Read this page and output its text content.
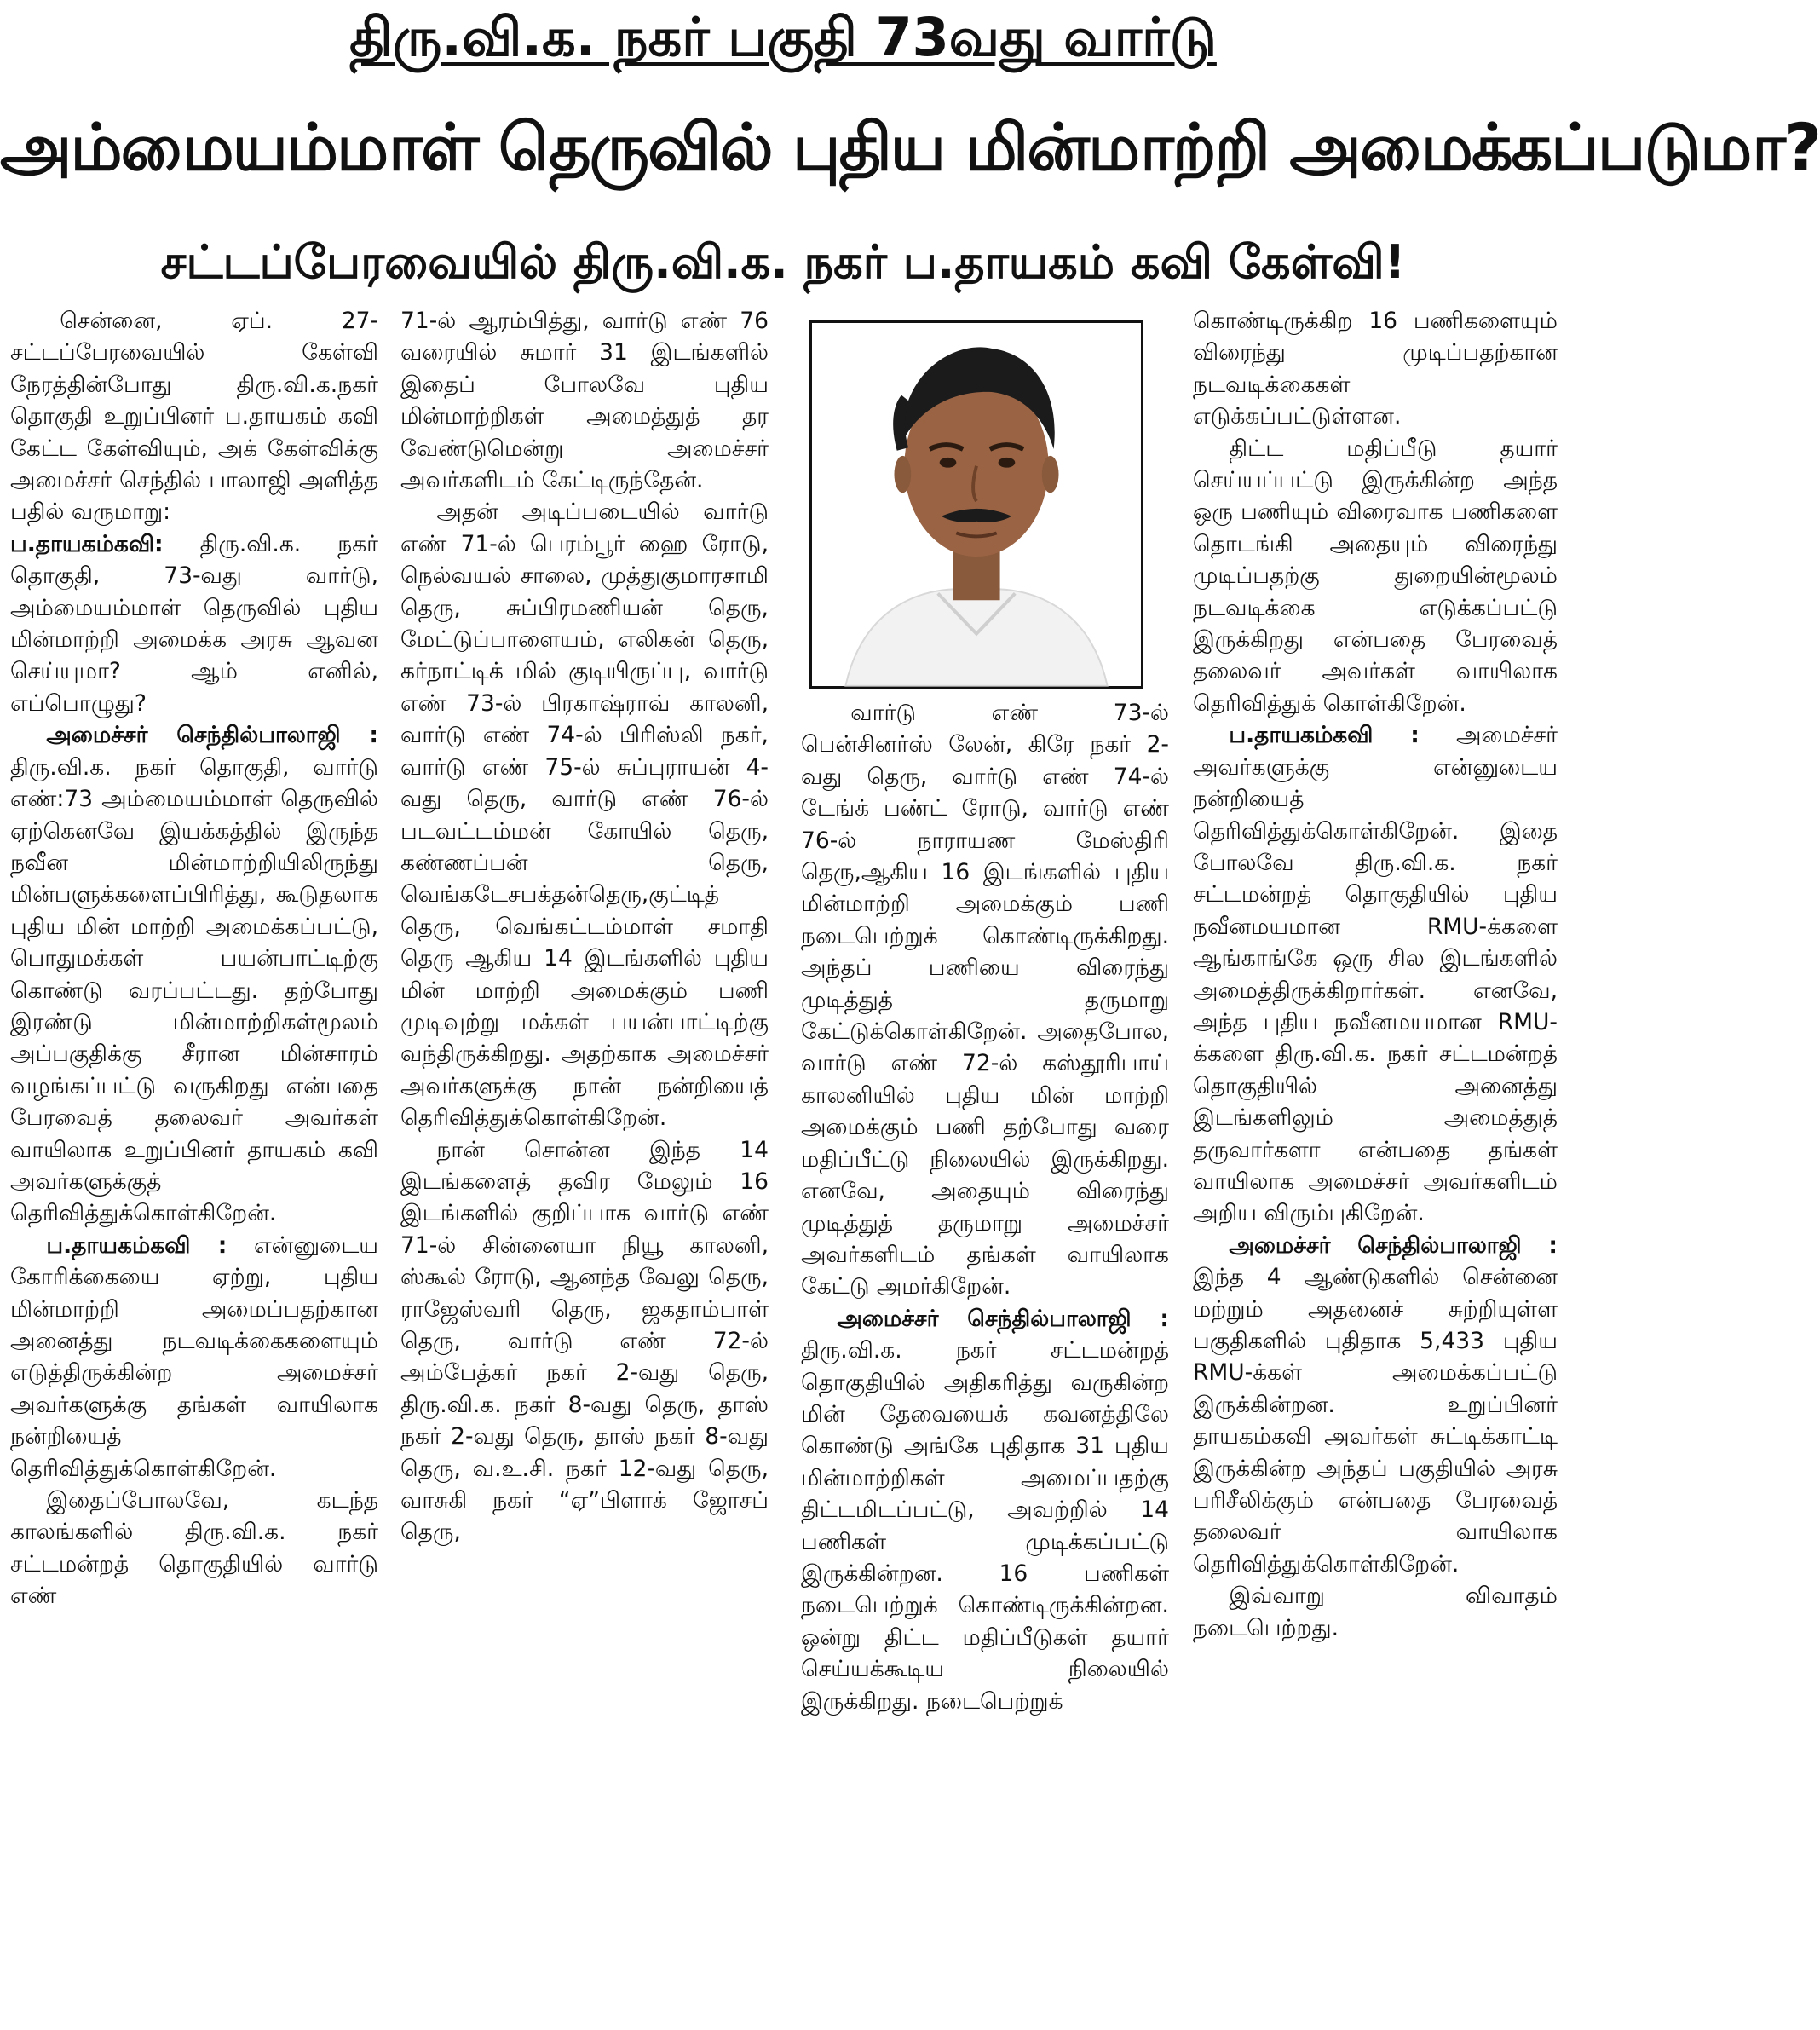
திரு.வி.க. நகர் பகுதி 73வது வார்டு
அம்மையம்மாள் தெருவில் புதிய மின்மாற்றி அமைக்கப்படுமா?
சட்டப்பேரவையில் திரு.வி.க. நகர் ப.தாயகம் கவி கேள்வி!

சென்னை, ஏப். 27- சட்டப்பேரவையில் கேள்வி நேரத்தின்போது திரு.வி.க.நகர் தொகுதி உறுப்பினர் ப.தாயகம் கவி கேட்ட கேள்வியும், அக் கேள்விக்கு அமைச்சர் செந்தில் பாலாஜி அளித்த பதில் வருமாறு:

ப.தாயகம்கவி: திரு.வி.க. நகர் தொகுதி, 73-வது வார்டு, அம்மையம்மாள் தெருவில் புதிய மின்மாற்றி அமைக்க அரசு ஆவன செய்யுமா? ஆம் எனில், எப்பொழுது?

அமைச்சர் செந்தில்பாலாஜி : திரு.வி.க. நகர் தொகுதி, வார்டு எண்:73 அம்மையம்மாள் தெருவில் ஏற்கெனவே இயக்கத்தில் இருந்த நவீன மின்மாற்றியிலிருந்து மின்பளுக்களைப்பிரித்து, கூடுதலாக புதிய மின் மாற்றி அமைக்கப்பட்டு, பொதுமக்கள் பயன்பாட்டிற்கு கொண்டு வரப்பட்டது. தற்போது இரண்டு மின்மாற்றிகள்மூலம் அப்பகுதிக்கு சீரான மின்சாரம் வழங்கப்பட்டு வருகிறது என்பதை பேரவைத் தலைவர் அவர்கள் வாயிலாக உறுப்பினர் தாயகம் கவி அவர்களுக்குத் தெரிவித்துக்கொள்கிறேன்.

ப.தாயகம்கவி : என்னுடைய கோரிக்கையை ஏற்று, புதிய மின்மாற்றி அமைப்பதற்கான அனைத்து நடவடிக்கைகளையும் எடுத்திருக்கின்ற அமைச்சர் அவர்களுக்கு தங்கள் வாயிலாக நன்றியைத் தெரிவித்துக்கொள்கிறேன்.

இதைப்போலவே, கடந்த காலங்களில் திரு.வி.க. நகர் சட்டமன்றத் தொகுதியில் வார்டு எண்

71-ல் ஆரம்பித்து, வார்டு எண் 76 வரையில் சுமார் 31 இடங்களில் இதைப் போலவே புதிய மின்மாற்றிகள் அமைத்துத் தர வேண்டுமென்று அமைச்சர் அவர்களிடம் கேட்டிருந்தேன்.

அதன் அடிப்படையில் வார்டு எண் 71-ல் பெரம்பூர் ஹை ரோடு, நெல்வயல் சாலை, முத்துகுமாரசாமி தெரு, சுப்பிரமணியன் தெரு, மேட்டுப்பாளையம், எலிகன் தெரு, கர்நாட்டிக் மில் குடியிருப்பு, வார்டு எண் 73-ல் பிரகாஷ்ராவ் காலனி, வார்டு எண் 74-ல் பிரிஸ்லி நகர், வார்டு எண் 75-ல் சுப்புராயன் 4-வது தெரு, வார்டு எண் 76-ல் படவட்டம்மன் கோயில் தெரு, கண்ணப்பன் தெரு, வெங்கடேசபக்தன்தெரு,குட்டித் தெரு, வெங்கட்டம்மாள் சமாதி தெரு ஆகிய 14 இடங்களில் புதிய மின் மாற்றி அமைக்கும் பணி முடிவுற்று மக்கள் பயன்பாட்டிற்கு வந்திருக்கிறது. அதற்காக அமைச்சர் அவர்களுக்கு நான் நன்றியைத் தெரிவித்துக்கொள்கிறேன்.

நான் சொன்ன இந்த 14 இடங்களைத் தவிர மேலும் 16 இடங்களில் குறிப்பாக வார்டு எண் 71-ல் சின்னையா நியூ காலனி, ஸ்கூல் ரோடு, ஆனந்த வேலு தெரு, ராஜேஸ்வரி தெரு, ஜகதாம்பாள் தெரு, வார்டு எண் 72-ல் அம்பேத்கர் நகர் 2-வது தெரு, திரு.வி.க. நகர் 8-வது தெரு, தாஸ் நகர் 2-வது தெரு, தாஸ் நகர் 8-வது தெரு, வ.உ.சி. நகர் 12-வது தெரு, வாசுகி நகர் “ஏ”பிளாக் ஜோசப் தெரு,

வார்டு எண் 73-ல் பென்சினர்ஸ் லேன், கிரே நகர் 2-வது தெரு, வார்டு எண் 74-ல் டேங்க் பண்ட் ரோடு, வார்டு எண் 76-ல் நாராயண மேஸ்திரி தெரு,ஆகிய 16 இடங்களில் புதிய மின்மாற்றி அமைக்கும் பணி நடைபெற்றுக் கொண்டிருக்கிறது. அந்தப் பணியை விரைந்து முடித்துத் தருமாறு கேட்டுக்கொள்கிறேன். அதைபோல, வார்டு எண் 72-ல் கஸ்தூரிபாய் காலனியில் புதிய மின் மாற்றி அமைக்கும் பணி தற்போது வரை மதிப்பீட்டு நிலையில் இருக்கிறது. எனவே, அதையும் விரைந்து முடித்துத் தருமாறு அமைச்சர் அவர்களிடம் தங்கள் வாயிலாக கேட்டு அமர்கிறேன்.

அமைச்சர் செந்தில்பாலாஜி : திரு.வி.க. நகர் சட்டமன்றத் தொகுதியில் அதிகரித்து வருகின்ற மின் தேவையைக் கவனத்திலே கொண்டு அங்கே புதிதாக 31 புதிய மின்மாற்றிகள் அமைப்பதற்கு திட்டமிடப்பட்டு, அவற்றில் 14 பணிகள் முடிக்கப்பட்டு இருக்கின்றன. 16 பணிகள் நடைபெற்றுக் கொண்டிருக்கின்றன. ஒன்று திட்ட மதிப்பீடுகள் தயார் செய்யக்கூடிய நிலையில் இருக்கிறது. நடைபெற்றுக்

கொண்டிருக்கிற 16 பணிகளையும் விரைந்து முடிப்பதற்கான நடவடிக்கைகள் எடுக்கப்பட்டுள்ளன.

திட்ட மதிப்பீடு தயார் செய்யப்பட்டு இருக்கின்ற அந்த ஒரு பணியும் விரைவாக பணிகளை தொடங்கி அதையும் விரைந்து முடிப்பதற்கு துறையின்மூலம் நடவடிக்கை எடுக்கப்பட்டு இருக்கிறது என்பதை பேரவைத் தலைவர் அவர்கள் வாயிலாக தெரிவித்துக் கொள்கிறேன்.

ப.தாயகம்கவி : அமைச்சர் அவர்களுக்கு என்னுடைய நன்றியைத் தெரிவித்துக்கொள்கிறேன். இதை போலவே திரு.வி.க. நகர் சட்டமன்றத் தொகுதியில் புதிய நவீனமயமான RMU-க்களை ஆங்காங்கே ஒரு சில இடங்களில் அமைத்திருக்கிறார்கள். எனவே, அந்த புதிய நவீனமயமான RMU-க்களை திரு.வி.க. நகர் சட்டமன்றத் தொகுதியில் அனைத்து இடங்களிலும் அமைத்துத் தருவார்களா என்பதை தங்கள் வாயிலாக அமைச்சர் அவர்களிடம் அறிய விரும்புகிறேன்.

அமைச்சர் செந்தில்பாலாஜி : இந்த 4 ஆண்டுகளில் சென்னை மற்றும் அதனைச் சுற்றியுள்ள பகுதிகளில் புதிதாக 5,433 புதிய RMU-க்கள் அமைக்கப்பட்டு இருக்கின்றன. உறுப்பினர் தாயகம்கவி அவர்கள் சுட்டிக்காட்டி இருக்கின்ற அந்தப் பகுதியில் அரசு பரிசீலிக்கும் என்பதை பேரவைத் தலைவர் வாயிலாக தெரிவித்துக்கொள்கிறேன்.

இவ்வாறு விவாதம் நடைபெற்றது.
